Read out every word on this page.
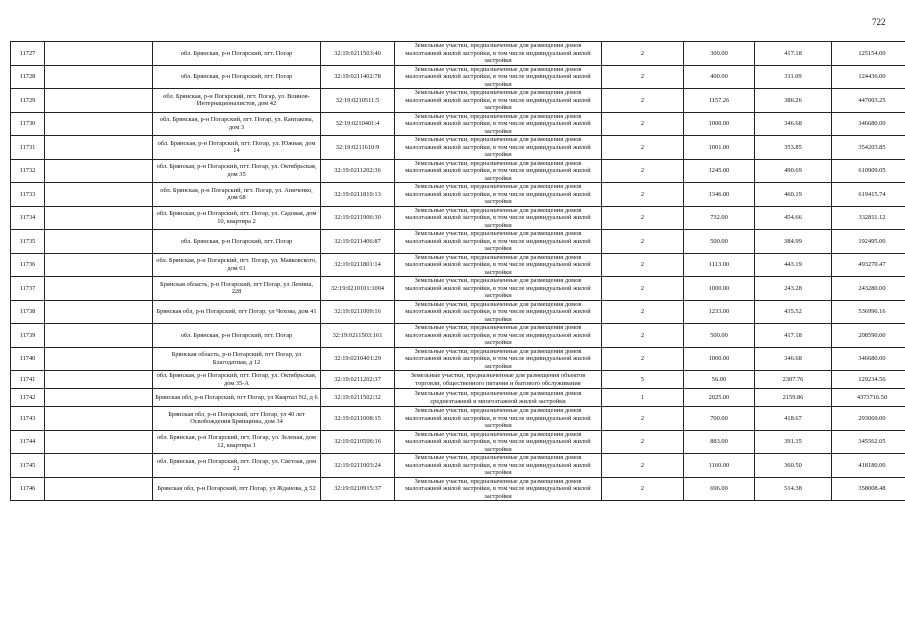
722
11727		обл. Брянская, р-н Погарский, пгт. Погар	32:19:0211503:40	Земельные участки, предназначенные для размещения домов малоэтажной жилой застройки, в том числе индивидуальной жилой застройки	2	300.00	417.18	125154.00
11728		обл. Брянская, р-н Погарский, пгт. Погар	32:19:0211402:78	Земельные участки, предназначенные для размещения домов малоэтажной жилой застройки, в том числе индивидуальной жилой застройки	2	400.00	311.09	124436.00
11729		обл. Брянская, р-н Погарский, пгт. Погар, ул. Воинов-Интернационалистов, дом 42	32:19:0210511:5	Земельные участки, предназначенные для размещения домов малоэтажной жилой застройки, в том числе индивидуальной жилой застройки	2	1157.26	386.26	447003.25
11730		обл. Брянская, р-н Погарский, пгт. Погар, ул. Кантакова, дом 3	32:19:0210401:4	Земельные участки, предназначенные для размещения домов малоэтажной жилой застройки, в том числе индивидуальной жилой застройки	2	1000.00	346.68	346680.00
11731		обл. Брянская, р-н Погарский, пгт. Погар, ул. Южная, дом 14	32:19:0211610:9	Земельные участки, предназначенные для размещения домов малоэтажной жилой застройки, в том числе индивидуальной жилой застройки	2	1001.00	353.85	354203.85
11732		обл. Брянская, р-н Погарский, пгт. Погар, ул. Октябрьская, дом 35	32:19:0211202:36	Земельные участки, предназначенные для размещения домов малоэтажной жилой застройки, в том числе индивидуальной жилой застройки	2	1245.00	490.69	610909.05
11733		обл. Брянская, р-н Погарский, пгт. Погар, ул. Аниченко, дом 68	32:19:0211810:13	Земельные участки, предназначенные для размещения домов малоэтажной жилой застройки, в том числе индивидуальной жилой застройки	2	1346.00	460.19	619415.74
11734		обл. Брянская, р-н Погарский, пгт. Погар, ул. Садовая, дом 10, квартира 2	32:19:0211906:30	Земельные участки, предназначенные для размещения домов малоэтажной жилой застройки, в том числе индивидуальной жилой застройки	2	732.00	454.66	332811.12
11735		обл. Брянская, р-н Погарский, пгт. Погар	32:19:0211406:87	Земельные участки, предназначенные для размещения домов малоэтажной жилой застройки, в том числе индивидуальной жилой застройки	2	500.00	384.99	192495.00
11736		обл. Брянская, р-н Погарский, пгт. Погар, ул. Маяковского, дом 61	32:19:0211801:14	Земельные участки, предназначенные для размещения домов малоэтажной жилой застройки, в том числе индивидуальной жилой застройки	2	1113.00	443.19	493270.47
11737		Брянская область, р-н Погарский, пгт Погар, ул Ленина, 228	32:19:0210101:1004	Земельные участки, предназначенные для размещения домов малоэтажной жилой застройки, в том числе индивидуальной жилой застройки	2	1000.00	243.28	243280.00
11738		Брянская обл, р-н Погарский, пгт Погар, ул Чехова, дом 41	32:19:0211009:16	Земельные участки, предназначенные для размещения домов малоэтажной жилой застройки, в том числе индивидуальной жилой застройки	2	1233.00	435.52	536996.16
11739		обл. Брянская, р-н Погарский, пгт. Погар	32:19:0211503:161	Земельные участки, предназначенные для размещения домов малоэтажной жилой застройки, в том числе индивидуальной жилой застройки	2	500.00	417.18	208590.00
11740		Брянская область, р-н Погарский, пгт Погар, ул Благодатная, д 12	32:19:0210401:29	Земельные участки, предназначенные для размещения домов малоэтажной жилой застройки, в том числе индивидуальной жилой застройки	2	1000.00	346.68	346680.00
11741		обл. Брянская, р-н Погарский, пгт. Погар, ул. Октябрьская, дом 35-А	32:19:0211202:37	Земельные участки, предназначенные для размещения объектов торговли, общественного питания и бытового обслуживания	5	56.00	2307.76	129234.56
11742		Брянская обл, р-н Погарский, пгт Погар, ул Квартал N2, д 6	32:19:0211502:32	Земельные участки, предназначенные для размещения домов среднеэтажной и многоэтажной жилой застройки	1	2025.00	2159.86	4373716.50
11743		Брянская обл, р-н Погарский, пгт Погар, ул 40 лет Освобождения Брянщины, дом 34	32:19:0211008:15	Земельные участки, предназначенные для размещения домов малоэтажной жилой застройки, в том числе индивидуальной жилой застройки	2	700.00	418.67	293069.00
11744		обл. Брянская, р-н Погарский, пгт. Погар, ул. Зеленая, дом 12, квартира 1	32:19:0210506:16	Земельные участки, предназначенные для размещения домов малоэтажной жилой застройки, в том числе индивидуальной жилой застройки	2	883.00	391.35	345562.05
11745		обл. Брянская, р-н Погарский, пгт. Погар, ул. Светлая, дом 21	32:19:0211003:24	Земельные участки, предназначенные для размещения домов малоэтажной жилой застройки, в том числе индивидуальной жилой застройки	2	1160.00	360.50	418180.00
11746		Брянская обл, р-н Погарский, пгт Погар, ул Жданова, д 52	32:19:0210915:37	Земельные участки, предназначенные для размещения домов малоэтажной жилой застройки, в том числе индивидуальной жилой застройки	2	696.00	514.38	358008.48
